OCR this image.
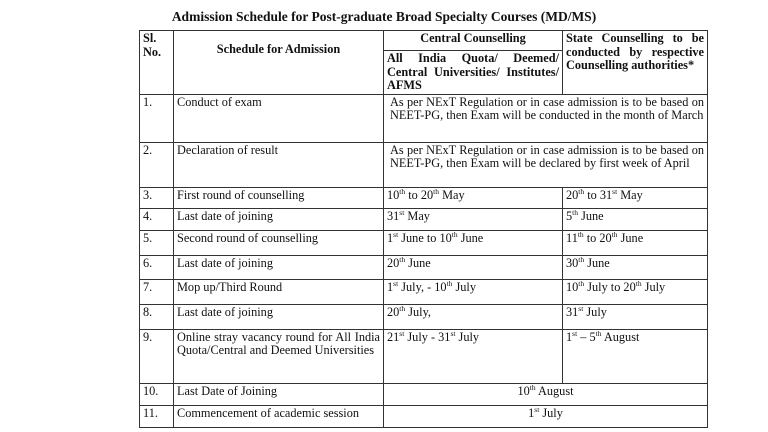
Admission Schedule for Post-graduate Broad Specialty Courses (MD/MS)
Sl. No.	Schedule for Admission	Central Counselling	State Counselling to be conducted by respective Counselling authorities*
		All India Quota/ Deemed/ Central Universities/ Institutes/ AFMS	
1.	Conduct of exam	As per NExT Regulation or in case admission is to be based on NEET-PG, then Exam will be conducted in the month of March	
2.	Declaration of result	As per NExT Regulation or in case admission is to be based on NEET-PG, then Exam will be declared by first week of April	
3.	First round of counselling	10th to 20th May	20th to 31st May
4.	Last date of joining	31st May	5th June
5.	Second round of counselling	1st June to 10th June	11th to 20th June
6.	Last date of joining	20th June	30th June
7.	Mop up/Third Round	1st July, - 10th July	10th July to 20th July
8.	Last date of joining	20th July,	31st July
9.	Online stray vacancy round for All India Quota/Central and Deemed Universities	21st July - 31st July	1st – 5th August
10.	Last Date of Joining	10th August	
11.	Commencement of academic session	1st July	
